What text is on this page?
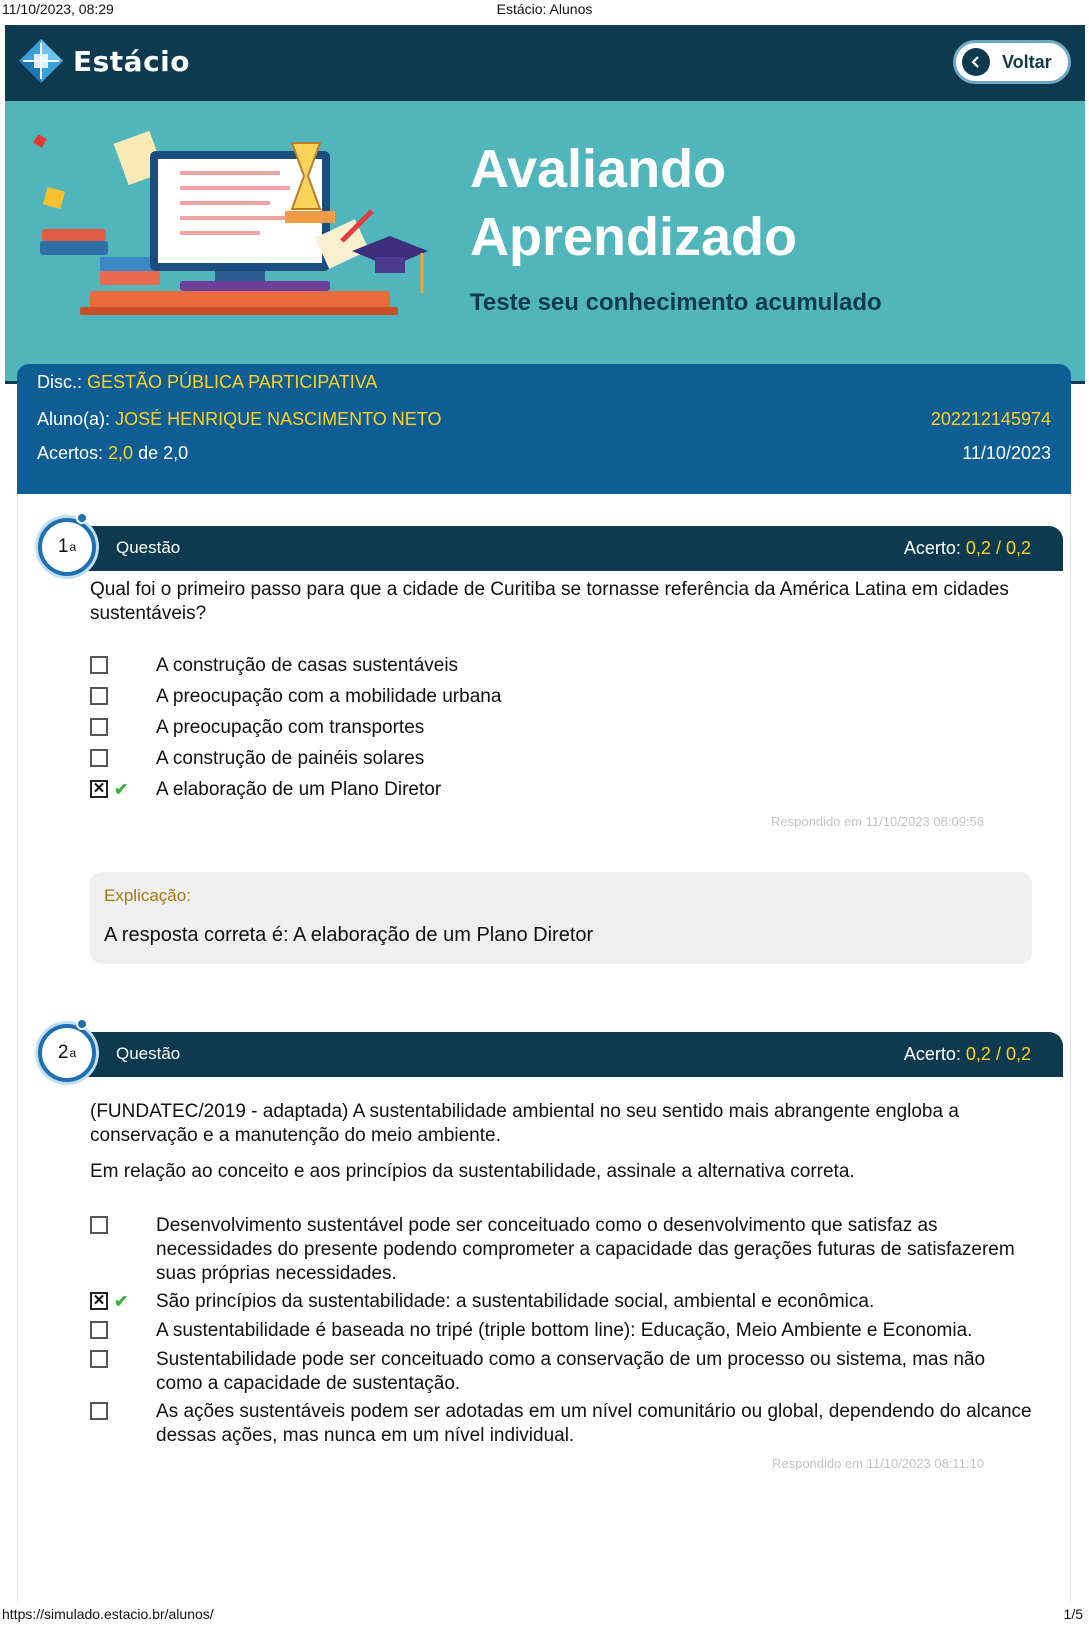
11/10/2023, 08:29	Estácio: Alunos
Estácio	Voltar
Avaliando
Aprendizado
Teste seu conhecimento acumulado
Disc.: GESTÃO PÚBLICA PARTICIPATIVA
Aluno(a): JOSÉ HENRIQUE NASCIMENTO NETO	202212145974
Acertos: 2,0 de 2,0	11/10/2023
Questão	Acerto: 0,2 / 0,2
1 a
Qual foi o primeiro passo para que a cidade de Curitiba se tornasse referência da América Latina em cidades sustentáveis?
A construção de casas sustentáveis
A preocupação com a mobilidade urbana
A preocupação com transportes
A construção de painéis solares
✕ ✔ A elaboração de um Plano Diretor
Respondido em 11/10/2023 08:09:56
Explicação:
A resposta correta é: A elaboração de um Plano Diretor
Questão	Acerto: 0,2 / 0,2
2 a
(FUNDATEC/2019 - adaptada) A sustentabilidade ambiental no seu sentido mais abrangente engloba a conservação e a manutenção do meio ambiente.
Em relação ao conceito e aos princípios da sustentabilidade, assinale a alternativa correta.
Desenvolvimento sustentável pode ser conceituado como o desenvolvimento que satisfaz as necessidades do presente podendo comprometer a capacidade das gerações futuras de satisfazerem suas próprias necessidades.
✕ ✔ São princípios da sustentabilidade: a sustentabilidade social, ambiental e econômica.
A sustentabilidade é baseada no tripé (triple bottom line): Educação, Meio Ambiente e Economia.
Sustentabilidade pode ser conceituado como a conservação de um processo ou sistema, mas não como a capacidade de sustentação.
As ações sustentáveis podem ser adotadas em um nível comunitário ou global, dependendo do alcance dessas ações, mas nunca em um nível individual.
Respondido em 11/10/2023 08:11:10
https://simulado.estacio.br/alunos/	1/5
